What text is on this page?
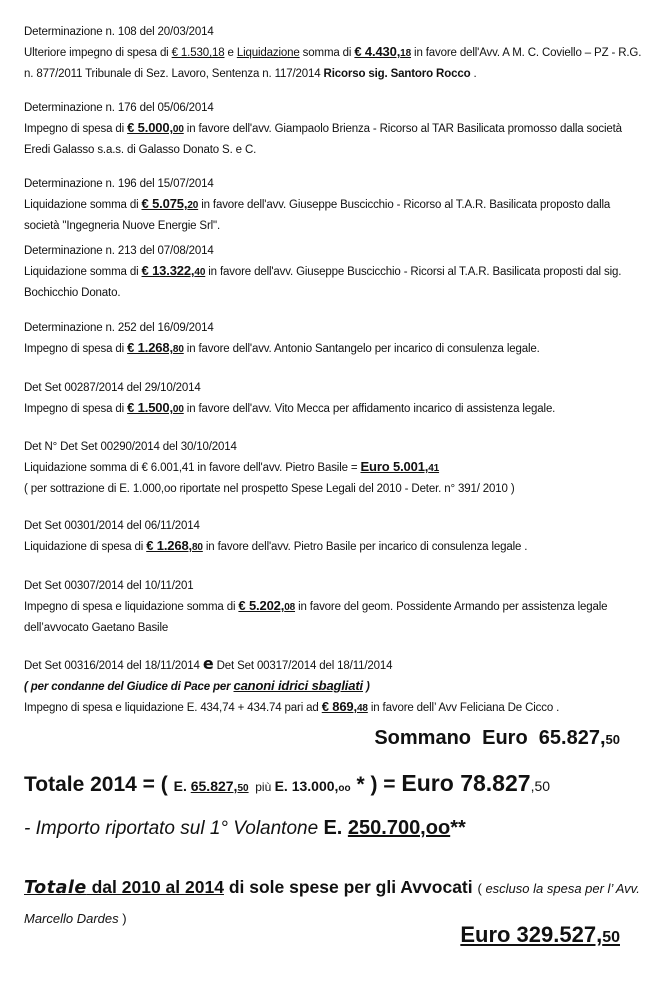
Determinazione n. 108 del 20/03/2014
Ulteriore impegno di spesa di € 1.530,18 e Liquidazione somma di € 4.430,18 in favore dell'Avv. A M. C. Coviello – PZ - R.G. n. 877/2011 Tribunale di Sez. Lavoro, Sentenza n. 117/2014 Ricorso sig. Santoro Rocco .
Determinazione n. 176 del 05/06/2014
Impegno di spesa di € 5.000,00 in favore dell'avv. Giampaolo Brienza - Ricorso al TAR Basilicata promosso dalla società Eredi Galasso s.a.s. di Galasso Donato S. e C.
Determinazione n. 196 del 15/07/2014
Liquidazione somma di € 5.075,20 in favore dell'avv. Giuseppe Buscicchio - Ricorso al T.A.R. Basilicata proposto dalla società "Ingegneria Nuove Energie Srl".
Determinazione n. 213 del 07/08/2014
Liquidazione somma di € 13.322,40 in favore dell'avv. Giuseppe Buscicchio - Ricorsi al T.A.R. Basilicata proposti dal sig. Bochicchio Donato.
Determinazione n. 252 del 16/09/2014
Impegno di spesa di € 1.268,80 in favore dell'avv. Antonio Santangelo per incarico di consulenza legale.
Det Set 00287/2014 del 29/10/2014
Impegno di spesa di € 1.500,00 in favore dell'avv. Vito Mecca per affidamento incarico di assistenza legale.
Det N° Det Set 00290/2014 del 30/10/2014
Liquidazione somma di € 6.001,41 in favore dell'avv. Pietro Basile = Euro 5.001,41
( per sottrazione di E. 1.000,oo riportate nel prospetto Spese Legali del 2010 - Deter. n° 391/ 2010 )
Det Set 00301/2014 del 06/11/2014
Liquidazione di spesa di € 1.268,80 in favore dell'avv. Pietro Basile per incarico di consulenza legale .
Det Set 00307/2014 del 10/11/201
Impegno di spesa e liquidazione somma di € 5.202,08 in favore del geom. Possidente Armando per assistenza legale dell’avvocato Gaetano Basile
Det Set 00316/2014 del 18/11/2014 e Det Set 00317/2014 del 18/11/2014
( per condanne del Giudice di Pace per canoni idrici sbagliati )
Impegno di spesa e liquidazione E. 434,74 + 434.74 pari ad € 869,48 in favore dell’ Avv Feliciana De Cicco .
Sommano  Euro  65.827,50
Totale 2014 = ( E. 65.827,50  più E. 13.000,oo * ) = Euro 78.827,50
- Importo riportato sul 1° Volantone E. 250.700,oo**
Totale dal 2010 al 2014 di sole spese per gli Avvocati ( escluso la spesa per l’ Avv. Marcello Dardes )
Euro 329.527,50
